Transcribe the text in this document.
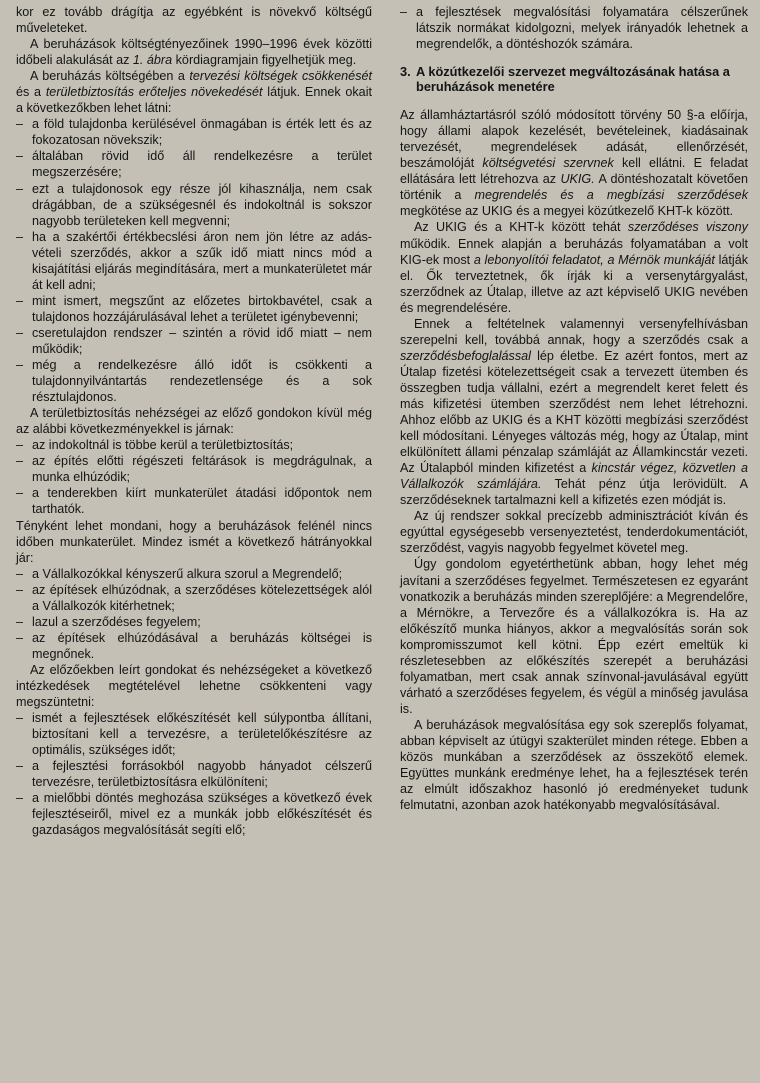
kor ez tovább drágítja az egyébként is növekvő költségű műveleteket.

A beruházások költségtényezőinek 1990–1996 évek közötti időbeli alakulását az 1. ábra kördiagramjain figyelhetjük meg.

A beruházás költségében a tervezési költségek csökkenését és a területbiztosítás erőteljes növekedését látjuk. Ennek okait a következőkben lehet látni:

– a föld tulajdonba kerülésével önmagában is érték lett és az fokozatosan növekszik;

– általában rövid idő áll rendelkezésre a terület megszerzésére;

– ezt a tulajdonosok egy része jól kihasználja, nem csak drágábban, de a szükségesnél és indokoltnál is sokszor nagyobb területeken kell megvenni;

– ha a szakértői értékbecslési áron nem jön létre az adás-vételi szerződés, akkor a szűk idő miatt nincs mód a kisajátítási eljárás megindítására, mert a munkaterületet már át kell adni;

– mint ismert, megszűnt az előzetes birtokbavétel, csak a tulajdonos hozzájárulásával lehet a területet igénybevenni;

– cseretulajdon rendszer – szintén a rövid idő miatt – nem működik;

– még a rendelkezésre álló időt is csökkenti a tulajdonnyilvántartás rendezetlensége és a sok résztulajdonos.

A területbiztosítás nehézségei az előző gondokon kívül még az alábbi következményekkel is járnak:

– az indokoltnál is többe kerül a területbiztosítás;

– az építés előtti régészeti feltárások is megdrágulnak, a munka elhúzódik;

– a tenderekben kiírt munkaterület átadási időpontok nem tarthatók.

Tényként lehet mondani, hogy a beruházások felénél nincs időben munkaterület. Mindez ismét a következő hátrányokkal jár:

– a Vállalkozókkal kényszerű alkura szorul a Megrendelő;

– az építések elhúzódnak, a szerződéses kötelezettségek alól a Vállalkozók kitérhetnek;

– lazul a szerződéses fegyelem;

– az építések elhúzódásával a beruházás költségei is megnőnek.

Az előzőekben leírt gondokat és nehézségeket a következő intézkedések megtételével lehetne csökkenteni vagy megszüntetni:

– ismét a fejlesztések előkészítését kell súlypontba állítani, biztosítani kell a tervezésre, a területelőkészítésre az optimális, szükséges időt;

– a fejlesztési forrásokból nagyobb hányadot célszerű tervezésre, területbiztosításra elkülöníteni;

– a mielőbbi döntés meghozása szükséges a következő évek fejlesztéseiről, mivel ez a munkák jobb előkészítését és gazdaságos megvalósítását segíti elő;

– a fejlesztések megvalósítási folyamatára célszerűnek látszik normákat kidolgozni, melyek irányadók lehetnek a megrendelők, a döntéshozók számára.

3. A közútkezelői szervezet megváltozásának hatása a beruházások menetére

Az államháztartásról szóló módosított törvény 50 §-a előírja, hogy állami alapok kezelését, bevételeinek, kiadásainak tervezését, megrendelések adását, ellenőrzését, beszámolóját költségvetési szervnek kell ellátni. E feladat ellátására lett létrehozva az UKIG. A döntéshozatalt követően történik a megrendelés és a megbízási szerződések megkötése az UKIG és a megyei közútkezelő KHT-k között.

Az UKIG és a KHT-k között tehát szerződéses viszony működik. Ennek alapján a beruházás folyamatában a volt KIG-ek most a lebonyolítói feladatot, a Mérnök munkáját látják el. Ők terveztetnek, ők írják ki a versenytárgyalást, szerződnek az Útalap, illetve az azt képviselő UKIG nevében és megrendelésére.

Ennek a feltételnek valamennyi versenyfelhívásban szerepelni kell, továbbá annak, hogy a szerződés csak a szerződésbefoglalással lép életbe. Ez azért fontos, mert az Útalap fizetési kötelezettségeit csak a tervezett ütemben és összegben tudja vállalni, ezért a megrendelt keret felett és más kifizetési ütemben szerződést nem lehet létrehozni. Ahhoz előbb az UKIG és a KHT közötti megbízási szerződést kell módosítani. Lényeges változás még, hogy az Útalap, mint elkülönített állami pénzalap számláját az Államkincstár vezeti. Az Útalapból minden kifizetést a kincstár végez, közvetlen a Vállalkozók számlájára. Tehát pénz útja lerövidült. A szerződéseknek tartalmazni kell a kifizetés ezen módját is.

Az új rendszer sokkal precízebb adminisztrációt kíván és egyúttal egységesebb versenyeztetést, tenderdokumentációt, szerződést, vagyis nagyobb fegyelmet követel meg.

Úgy gondolom egyetérthetünk abban, hogy lehet még javítani a szerződéses fegyelmet. Természetesen ez egyaránt vonatkozik a beruházás minden szereplőjére: a Megrendelőre, a Mérnökre, a Tervezőre és a vállalkozókra is. Ha az előkészítő munka hiányos, akkor a megvalósítás során sok kompromisszumot kell kötni. Épp ezért emeltük ki részletesebben az előkészítés szerepét a beruházási folyamatban, mert csak annak színvonal-javulásával együtt várható a szerződéses fegyelem, és végül a minőség javulása is.

A beruházások megvalósítása egy sok szereplős folyamat, abban képviselt az útügyi szakterület minden rétege. Ebben a közös munkában a szerződések az összekötő elemek. Együttes munkánk eredménye lehet, ha a fejlesztések terén az elmúlt időszakhoz hasonló jó eredményeket tudunk felmutatni, azonban azok hatékonyabb megvalósításával.
